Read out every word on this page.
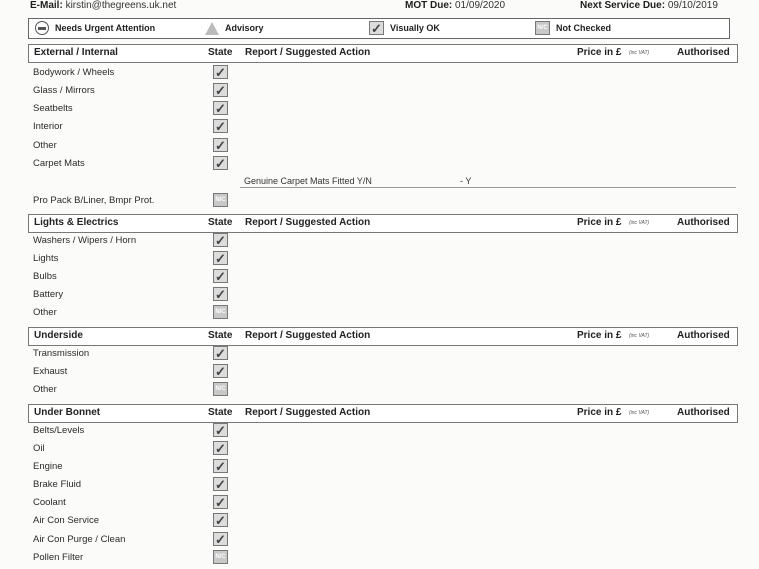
E-Mail: kirstin@thegreens.uk.net	MOT Due: 01/09/2020	Next Service Due: 09/10/2019
Needs Urgent Attention	Advisory
✓	Visually OK	N/C Not Checked
External / Internal	State Report / Suggested Action	Price in £	Authorised
(inc VAT)
Bodywork / Wheels
✓
Glass / Mirrors
✓
Seatbelts
✓
Interior
✓
Other
✓
Carpet Mats
✓
Pro Pack B/Liner, Bmpr Prot.	N/C
Genuine Carpet Mats Fitted Y/N	- Y
Lights & Electrics	State Report / Suggested Action	Price in £	Authorised
(inc VAT)
Washers / Wipers / Horn
✓
Lights
✓
Bulbs
✓
Battery
✓
Other	N/C
Underside	State Report / Suggested Action	Price in £	Authorised
(inc VAT)
Transmission
✓
Exhaust
✓
Other	N/C
Under Bonnet	State Report / Suggested Action	Price in £	Authorised
(inc VAT)
Belts/Levels
✓
Oil
✓
Engine
✓
Brake Fluid
✓
Coolant
✓
Air Con Service
✓
Air Con Purge / Clean
✓
Pollen Filter	N/C
